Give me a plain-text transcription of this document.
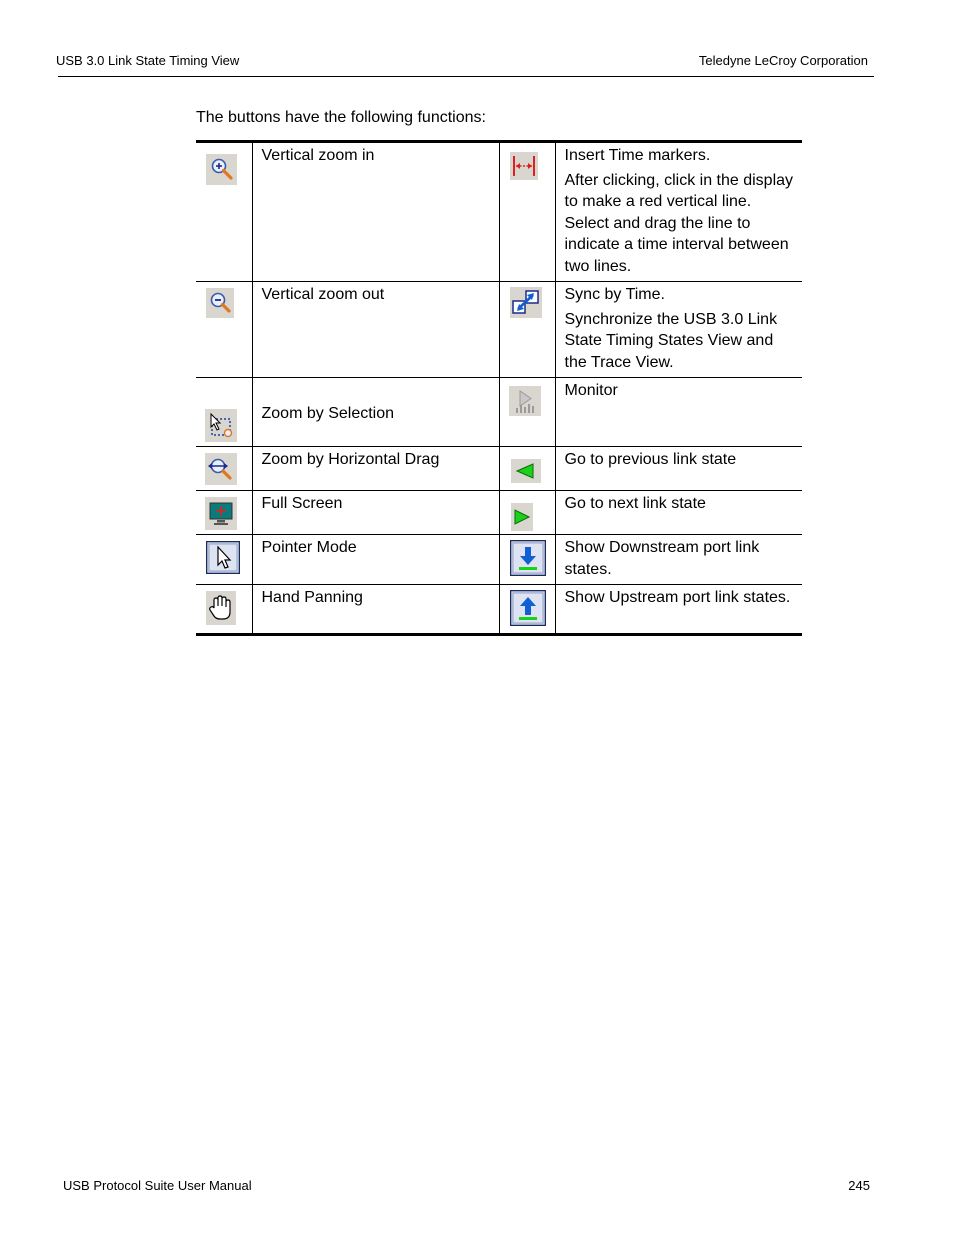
USB 3.0 Link State Timing View	Teledyne LeCroy Corporation
The buttons have the following functions:

Vertical zoom in		Insert Time markers.

After clicking, click in the display to make a red vertical line. Select and drag the line to indicate a time interval between two lines.

Vertical zoom out		Sync by Time.

Synchronize the USB 3.0 Link State Timing States View and the Trace View.

Zoom by Selection		Monitor

Zoom by Horizontal Drag		Go to previous link state

Full Screen		Go to next link state

Pointer Mode		Show Downstream port link states.

Hand Panning		Show Upstream port link states.

USB Protocol Suite User Manual	245
